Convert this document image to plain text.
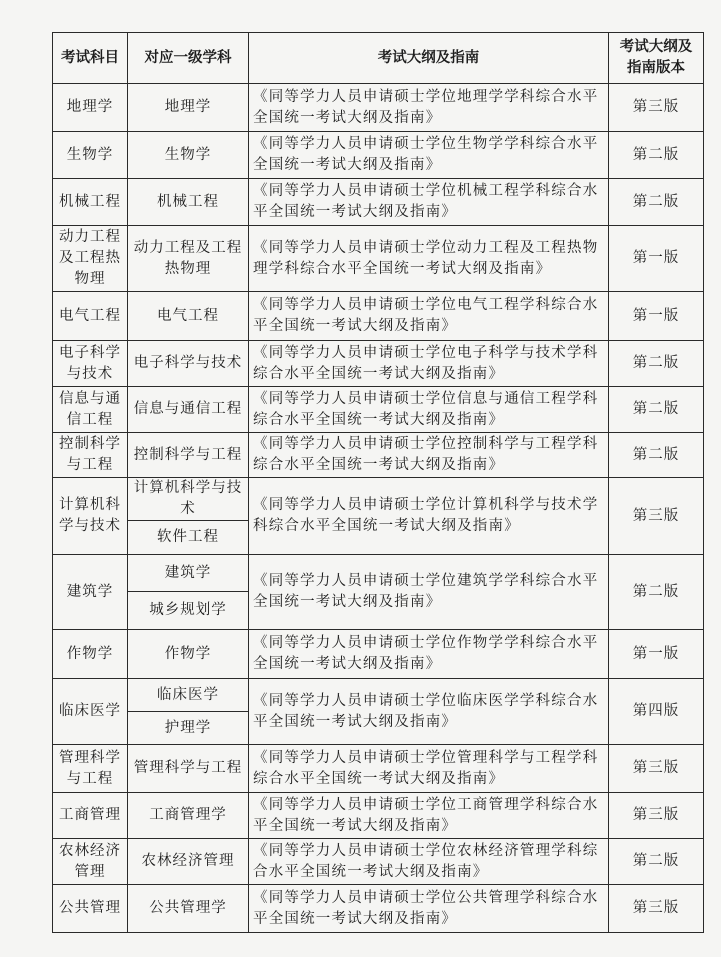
考试科目	对应一级学科	考试大纲及指南	考试大纲及指南版本
地理学	地理学	《同等学力人员申请硕士学位地理学学科综合水平全国统一考试大纲及指南》	第三版
生物学	生物学	《同等学力人员申请硕士学位生物学学科综合水平全国统一考试大纲及指南》	第二版
机械工程	机械工程	《同等学力人员申请硕士学位机械工程学科综合水平全国统一考试大纲及指南》	第二版
动力工程及工程热物理	动力工程及工程热物理	《同等学力人员申请硕士学位动力工程及工程热物理学科综合水平全国统一考试大纲及指南》	第一版
电气工程	电气工程	《同等学力人员申请硕士学位电气工程学科综合水平全国统一考试大纲及指南》	第一版
电子科学与技术	电子科学与技术	《同等学力人员申请硕士学位电子科学与技术学科综合水平全国统一考试大纲及指南》	第二版
信息与通信工程	信息与通信工程	《同等学力人员申请硕士学位信息与通信工程学科综合水平全国统一考试大纲及指南》	第二版
控制科学与工程	控制科学与工程	《同等学力人员申请硕士学位控制科学与工程学科综合水平全国统一考试大纲及指南》	第二版
计算机科学与技术	计算机科学与技术	《同等学力人员申请硕士学位计算机科学与技术学科综合水平全国统一考试大纲及指南》	第三版
	软件工程		
建筑学	建筑学	《同等学力人员申请硕士学位建筑学学科综合水平全国统一考试大纲及指南》	第二版
	城乡规划学		
作物学	作物学	《同等学力人员申请硕士学位作物学学科综合水平全国统一考试大纲及指南》	第一版
临床医学	临床医学	《同等学力人员申请硕士学位临床医学学科综合水平全国统一考试大纲及指南》	第四版
	护理学		
管理科学与工程	管理科学与工程	《同等学力人员申请硕士学位管理科学与工程学科综合水平全国统一考试大纲及指南》	第三版
工商管理	工商管理学	《同等学力人员申请硕士学位工商管理学科综合水平全国统一考试大纲及指南》	第三版
农林经济管理	农林经济管理	《同等学力人员申请硕士学位农林经济管理学科综合水平全国统一考试大纲及指南》	第二版
公共管理	公共管理学	《同等学力人员申请硕士学位公共管理学科综合水平全国统一考试大纲及指南》	第三版
